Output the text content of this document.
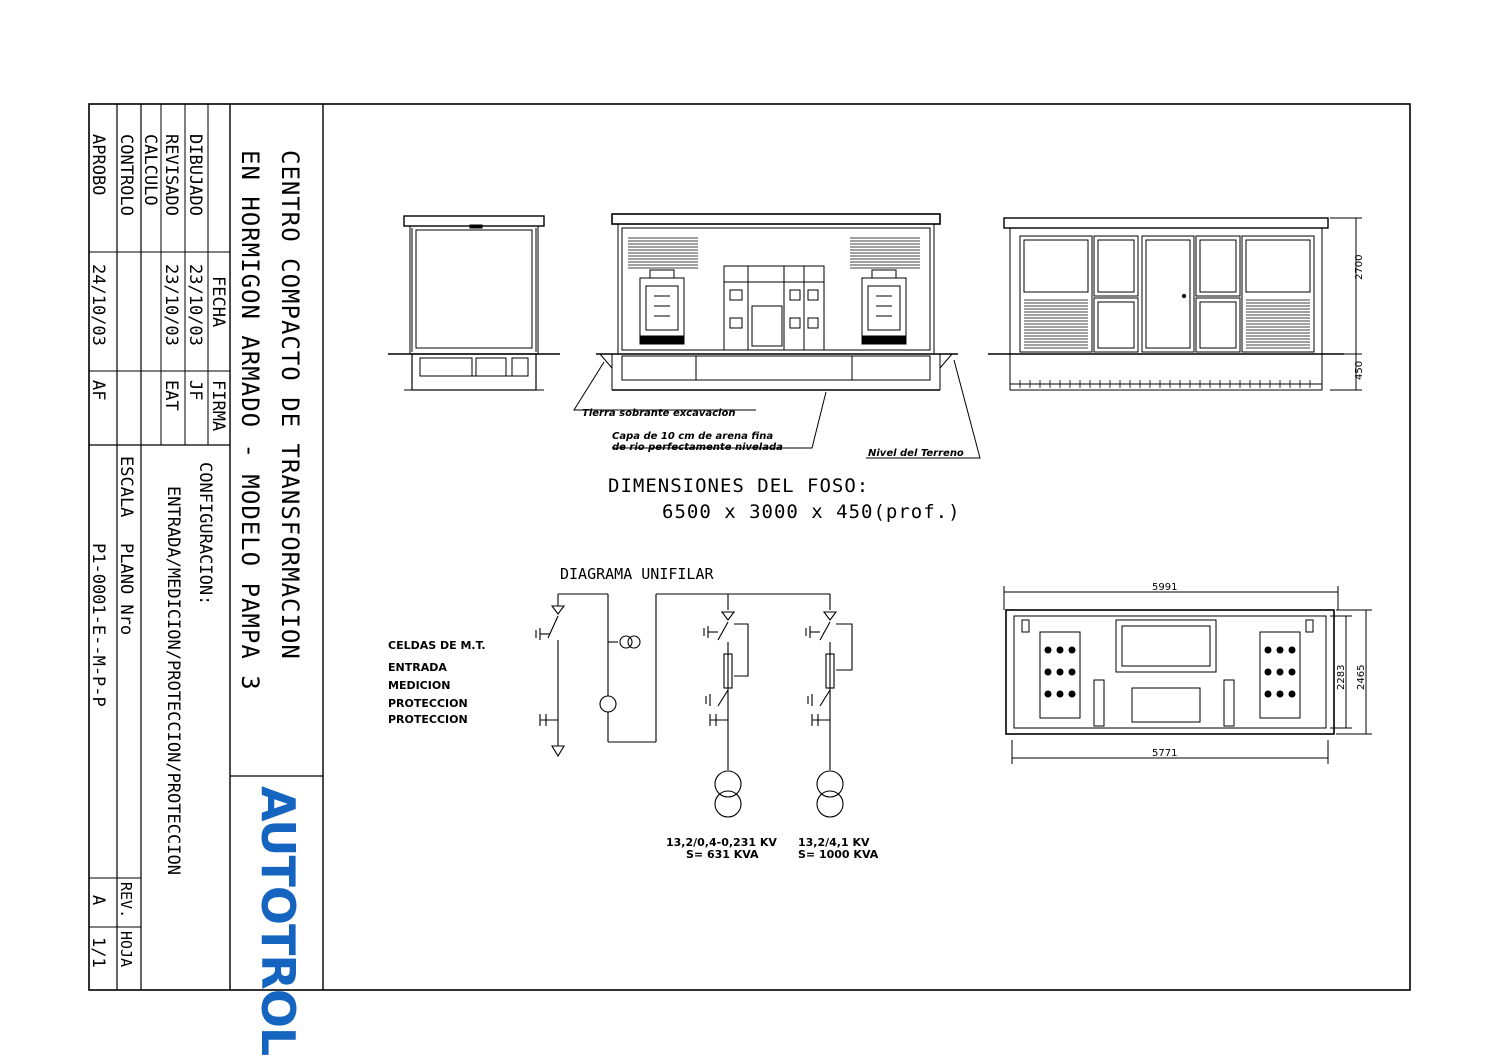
DIBUJADO
REVISADO
CALCULO
CONTROLO
APROBO
FECHA
23/10/03
23/10/03
24/10/03
FIRMA
JF
EAT
AF
CONFIGURACION:
ENTRADA/MEDICION/PROTECCION/PROTECCION
ESCALA
PLANO Nro
P1-0001-E--M-P-P
REV.
A
HOJA
1/1
CENTRO COMPACTO DE TRANSFORMACION
EN HORMIGON ARMADO - MODELO PAMPA 3
AUTOTROL
Tierra sobrante excavacion
Capa de 10 cm de arena fina
de rio perfectamente nivelada
Nivel del Terreno
2700
450
DIMENSIONES DEL FOSO:
6500 x 3000 x 450(prof.)
5991
5771
2283 2465
DIAGRAMA UNIFILAR
CELDAS DE M.T.
ENTRADA
MEDICION
PROTECCION
PROTECCION
13,2/0,4-0,231 KV
S= 631 KVA
13,2/4,1 KV
S= 1000 KVA
